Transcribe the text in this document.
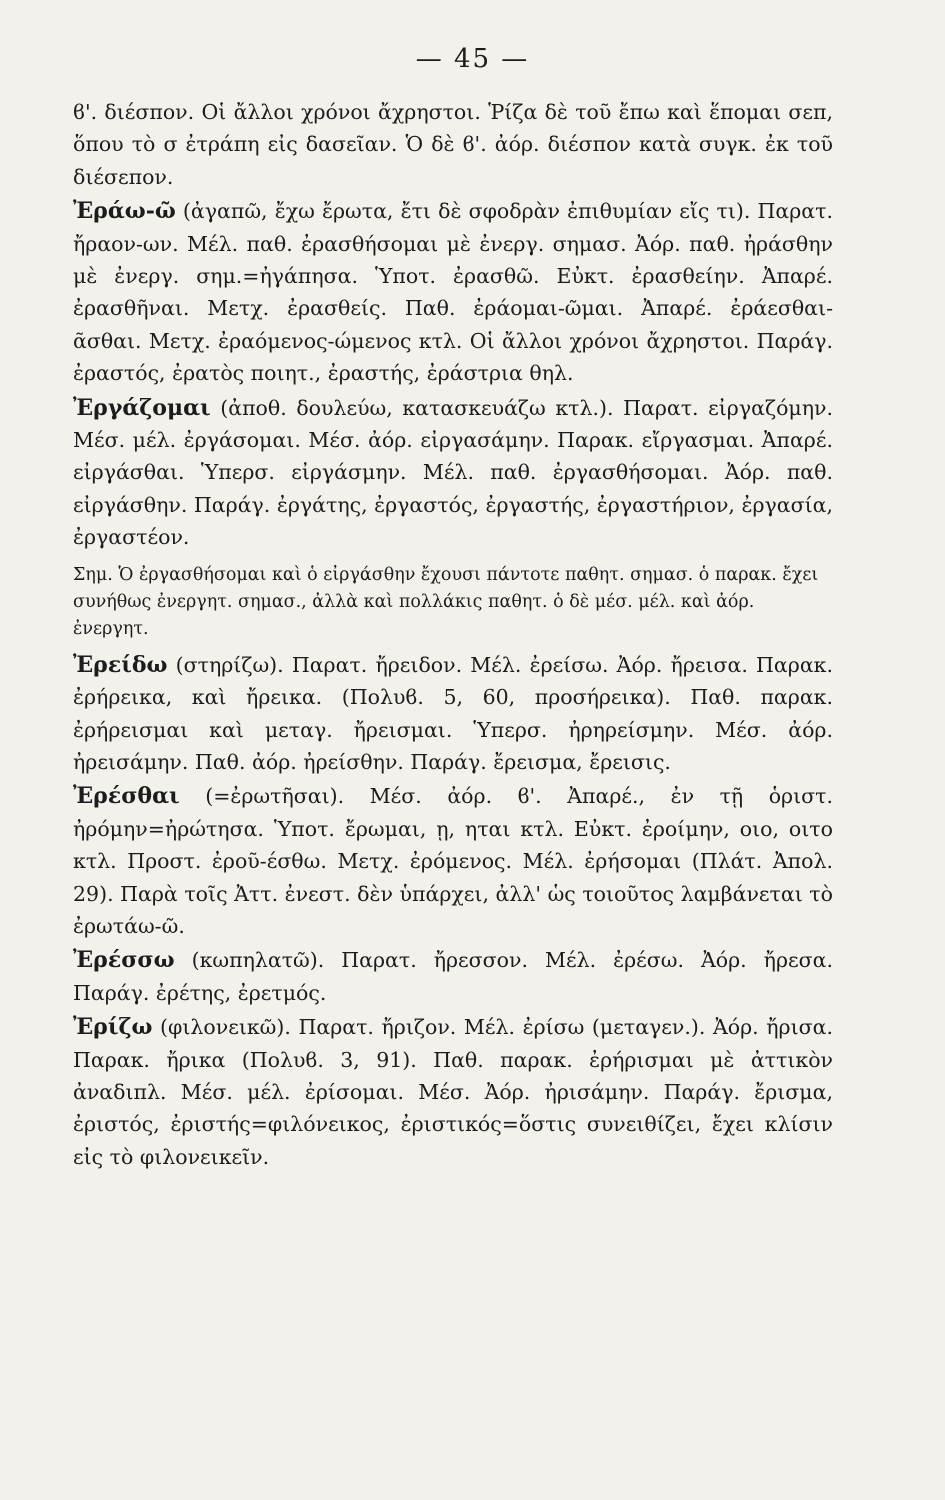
— 45 —

ϐ'. διέσπον. Οἱ ἄλλοι χρόνοι ἄχρηστοι. Ῥίζα δὲ τοῦ ἔπω καὶ ἕπομαι σεπ, ὅπου τὸ σ ἐτράπη εἰς δασεῖαν. Ὁ δὲ ϐ'. ἀόρ. διέσπον κατὰ συγκ. ἐκ τοῦ διέσεπον.

Ἐράω-ῶ (ἀγαπῶ, ἔχω ἔρωτα, ἔτι δὲ σφοδρὰν ἐπιθυμίαν εἴς τι). Παρατ. ἤραον-ων. Μέλ. παθ. ἐρασθήσομαι μὲ ἐνεργ. σημασ. Ἀόρ. παθ. ἠράσθην μὲ ἐνεργ. σημ.=ἠγάπησα. Ὑποτ. ἐρασθῶ. Εὐκτ. ἐρασθείην. Ἀπαρέ. ἐρασθῆναι. Μετχ. ἐρασθείς. Παθ. ἐράομαι-ῶμαι. Ἀπαρέ. ἐράεσθαι-ᾶσθαι. Μετχ. ἐραόμενος-ώμενος κτλ. Οἱ ἄλλοι χρόνοι ἄχρηστοι. Παράγ. ἐραστός, ἐρατὸς ποιητ., ἐραστής, ἐράστρια θηλ.

Ἐργάζομαι (ἀποθ. δουλεύω, κατασκευάζω κτλ.). Παρατ. εἰργαζόμην. Μέσ. μέλ. ἐργάσομαι. Μέσ. ἀόρ. εἰργασάμην. Παρακ. εἴργασμαι. Ἀπαρέ. εἰργάσθαι. Ὑπερσ. εἰργάσμην. Μέλ. παθ. ἐργασθήσομαι. Ἀόρ. παθ. εἰργάσθην. Παράγ. ἐργάτης, ἐργαστός, ἐργαστής, ἐργαστήριον, ἐργασία, ἐργαστέον.

Σημ. Ὁ ἐργασθήσομαι καὶ ὁ εἰργάσθην ἔχουσι πάντοτε παθητ. σημασ. ὁ παρακ. ἔχει συνήθως ἐνεργητ. σημασ., ἀλλὰ καὶ πολλάκις παθητ. ὁ δὲ μέσ. μέλ. καὶ ἀόρ. ἐνεργητ.

Ἐρείδω (στηρίζω). Παρατ. ἤρειδον. Μέλ. ἐρείσω. Ἀόρ. ἤρεισα. Παρακ. ἐρήρεικα, καὶ ἤρεικα. (Πολυϐ. 5, 60, προσήρεικα). Παθ. παρακ. ἐρήρεισμαι καὶ μεταγ. ἤρεισμαι. Ὑπερσ. ἠρηρείσμην. Μέσ. ἀόρ. ἠρεισάμην. Παθ. ἀόρ. ἠρείσθην. Παράγ. ἔρεισμα, ἔρεισις.

Ἐρέσθαι (=ἐρωτῆσαι). Μέσ. ἀόρ. ϐ'. Ἀπαρέ., ἐν τῇ ὁριστ. ἠρόμην=ἠρώτησα. Ὑποτ. ἔρωμαι, ῃ, ηται κτλ. Εὐκτ. ἐροίμην, οιο, οιτο κτλ. Προστ. ἐροῦ-έσθω. Μετχ. ἐρόμενος. Μέλ. ἐρήσομαι (Πλάτ. Ἀπολ. 29). Παρὰ τοῖς Ἀττ. ἐνεστ. δὲν ὑπάρχει, ἀλλ' ὡς τοιοῦτος λαμβάνεται τὸ ἐρωτάω-ῶ.

Ἐρέσσω (κωπηλατῶ). Παρατ. ἤρεσσον. Μέλ. ἐρέσω. Ἀόρ. ἤρεσα. Παράγ. ἐρέτης, ἐρετμός.

Ἐρίζω (φιλονεικῶ). Παρατ. ἤριζον. Μέλ. ἐρίσω (μεταγεν.). Ἀόρ. ἤρισα. Παρακ. ἤρικα (Πολυϐ. 3, 91). Παθ. παρακ. ἐρήρισμαι μὲ ἀττικὸν ἀναδιπλ. Μέσ. μέλ. ἐρίσομαι. Μέσ. Ἀόρ. ἠρισάμην. Παράγ. ἔρισμα, ἐριστός, ἐριστής=φιλόνεικος, ἐριστικός=ὅστις συνειθίζει, ἔχει κλίσιν εἰς τὸ φιλονεικεῖν.
